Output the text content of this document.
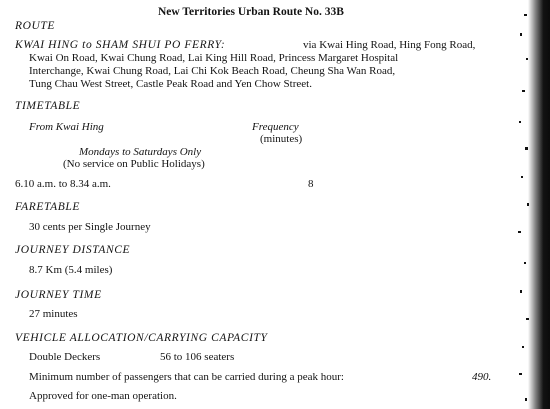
New Territories Urban Route No. 33B
ROUTE
KWAI HING to SHAM SHUI PO FERRY:	via Kwai Hing Road, Hing Fong Road,
Kwai On Road, Kwai Chung Road, Lai King Hill Road, Princess Margaret Hospital
Interchange, Kwai Chung Road, Lai Chi Kok Beach Road, Cheung Sha Wan Road,
Tung Chau West Street, Castle Peak Road and Yen Chow Street.
TIMETABLE
From Kwai Hing	Frequency
(minutes)
Mondays to Saturdays Only
(No service on Public Holidays)
6.10 a.m. to 8.34 a.m.	8
FARETABLE
30 cents per Single Journey
JOURNEY DISTANCE
8.7 Km (5.4 miles)
JOURNEY TIME
27 minutes
VEHICLE ALLOCATION/CARRYING CAPACITY
Double Deckers	56 to 106 seaters
Minimum number of passengers that can be carried during a peak hour:	490.
Approved for one-man operation.
